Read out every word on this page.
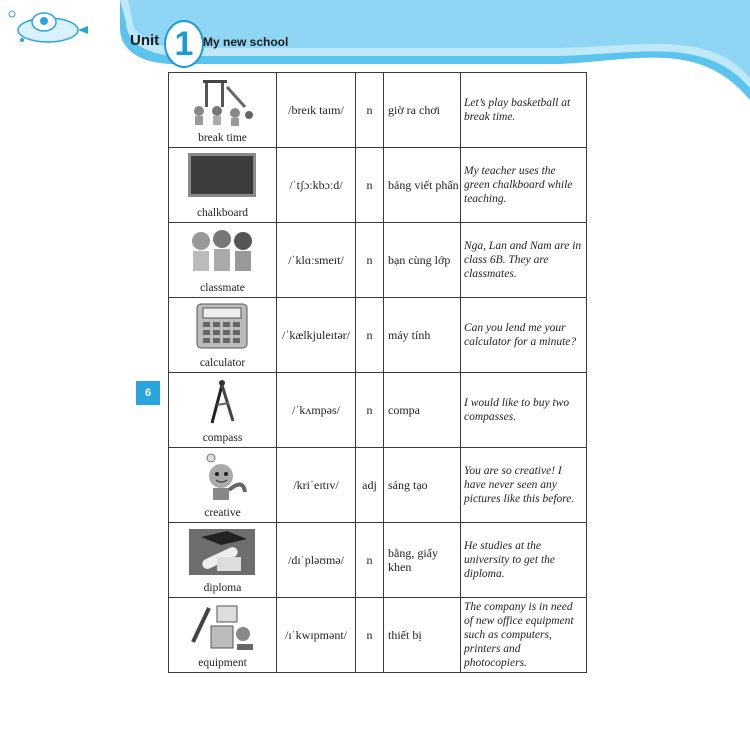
Unit 1 My new school
6
break time	/breɪk taɪm/	n	giờ ra chơi	Let’s play basketball at break time.

chalkboard	/ˈtʃɔːkbɔːd/	n	bảng viết phấn	My teacher uses the green chalkboard while teaching.

classmate	/ˈklɑːsmeɪt/	n	bạn cùng lớp	Nga, Lan and Nam are in class 6B. They are classmates.

calculator	/ˈkælkjuleɪtər/	n	máy tính	Can you lend me your calculator for a minute?

compass	/ˈkʌmpəs/	n	compa	I would like to buy two compasses.

creative	/kriˈeɪtɪv/	adj	sáng tạo	You are so creative! I have never seen any pictures like this before.

diploma	/dɪˈpləʊmə/	n	bằng, giấy khen	He studies at the university to get the diploma.

equipment	/ɪˈkwɪpmənt/	n	thiết bị	The company is in need of new office equipment such as computers, printers and photocopiers.
